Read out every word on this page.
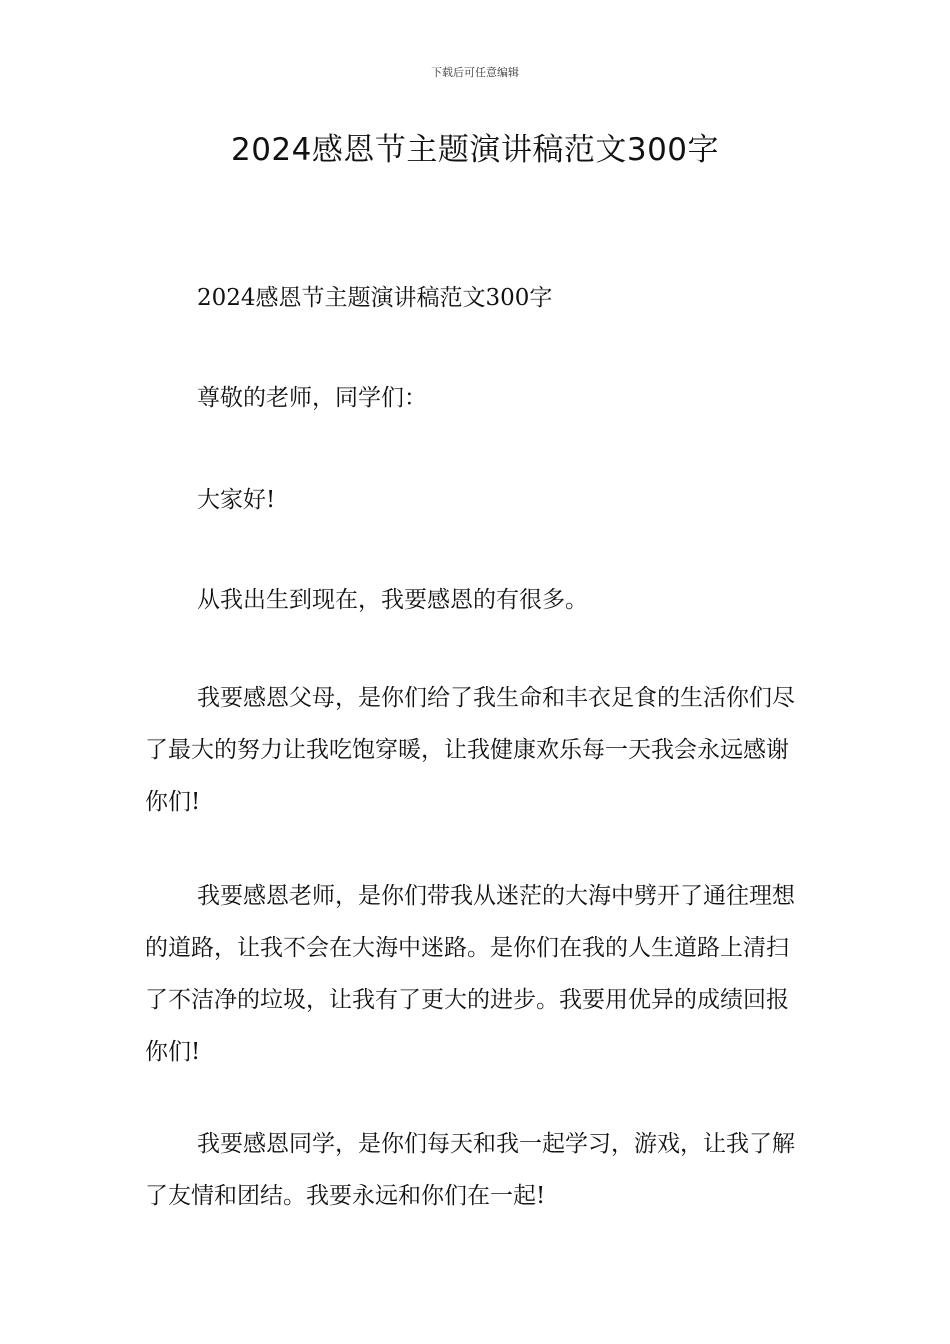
下载后可任意编辑
2024感恩节主题演讲稿范文300字

2024感恩节主题演讲稿范文300字

尊敬的老师，同学们：

大家好!

从我出生到现在，我要感恩的有很多。

我要感恩父母，是你们给了我生命和丰衣足食的生活你们尽了最大的努力让我吃饱穿暖，让我健康欢乐每一天我会永远感谢你们!

我要感恩老师，是你们带我从迷茫的大海中劈开了通往理想的道路，让我不会在大海中迷路。是你们在我的人生道路上清扫了不洁净的垃圾，让我有了更大的进步。我要用优异的成绩回报你们!

我要感恩同学，是你们每天和我一起学习，游戏，让我了解了友情和团结。我要永远和你们在一起!
